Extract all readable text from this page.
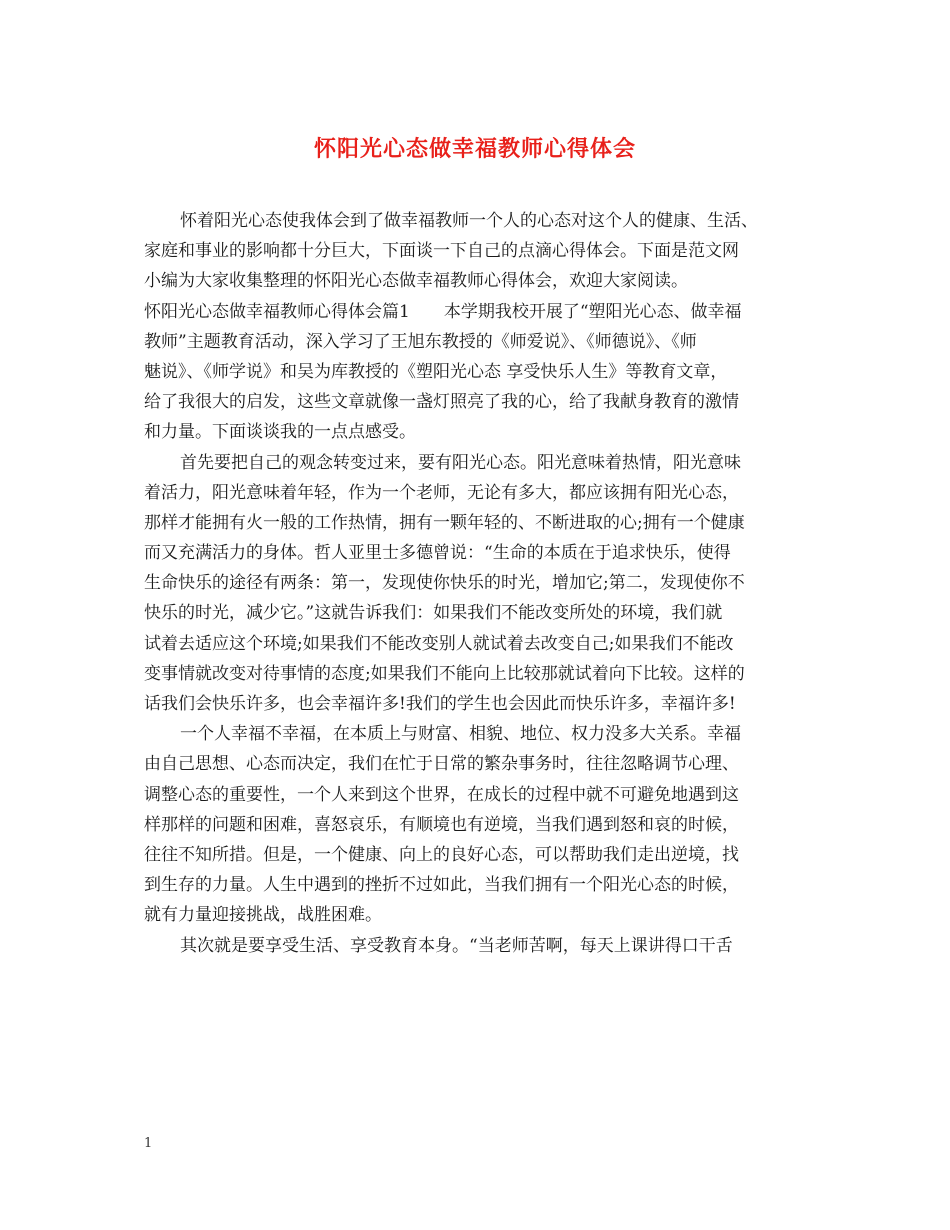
怀阳光心态做幸福教师心得体会
怀着阳光心态使我体会到了做幸福教师一个人的心态对这个人的健康、生活、
家庭和事业的影响都十分巨大，下面谈一下自己的点滴心得体会。下面是范文网
小编为大家收集整理的怀阳光心态做幸福教师心得体会，欢迎大家阅读。
怀阳光心态做幸福教师心得体会篇1　　本学期我校开展了“塑阳光心态、做幸福
教师”主题教育活动，深入学习了王旭东教授的《师爱说》、《师德说》、《师
魅说》、《师学说》和吴为库教授的《塑阳光心态 享受快乐人生》等教育文章，
给了我很大的启发，这些文章就像一盏灯照亮了我的心，给了我献身教育的激情
和力量。下面谈谈我的一点点感受。
首先要把自己的观念转变过来，要有阳光心态。阳光意味着热情，阳光意味
着活力，阳光意味着年轻，作为一个老师，无论有多大，都应该拥有阳光心态，
那样才能拥有火一般的工作热情，拥有一颗年轻的、不断进取的心;拥有一个健康
而又充满活力的身体。哲人亚里士多德曾说：“生命的本质在于追求快乐，使得
生命快乐的途径有两条：第一，发现使你快乐的时光，增加它;第二，发现使你不
快乐的时光，减少它。”这就告诉我们：如果我们不能改变所处的环境，我们就
试着去适应这个环境;如果我们不能改变别人就试着去改变自己;如果我们不能改
变事情就改变对待事情的态度;如果我们不能向上比较那就试着向下比较。这样的
话我们会快乐许多，也会幸福许多!我们的学生也会因此而快乐许多，幸福许多!
一个人幸福不幸福，在本质上与财富、相貌、地位、权力没多大关系。幸福
由自己思想、心态而决定，我们在忙于日常的繁杂事务时，往往忽略调节心理、
调整心态的重要性，一个人来到这个世界，在成长的过程中就不可避免地遇到这
样那样的问题和困难，喜怒哀乐，有顺境也有逆境，当我们遇到怒和哀的时候，
往往不知所措。但是，一个健康、向上的良好心态，可以帮助我们走出逆境，找
到生存的力量。人生中遇到的挫折不过如此，当我们拥有一个阳光心态的时候，
就有力量迎接挑战，战胜困难。
其次就是要享受生活、享受教育本身。“当老师苦啊，每天上课讲得口干舌
1
